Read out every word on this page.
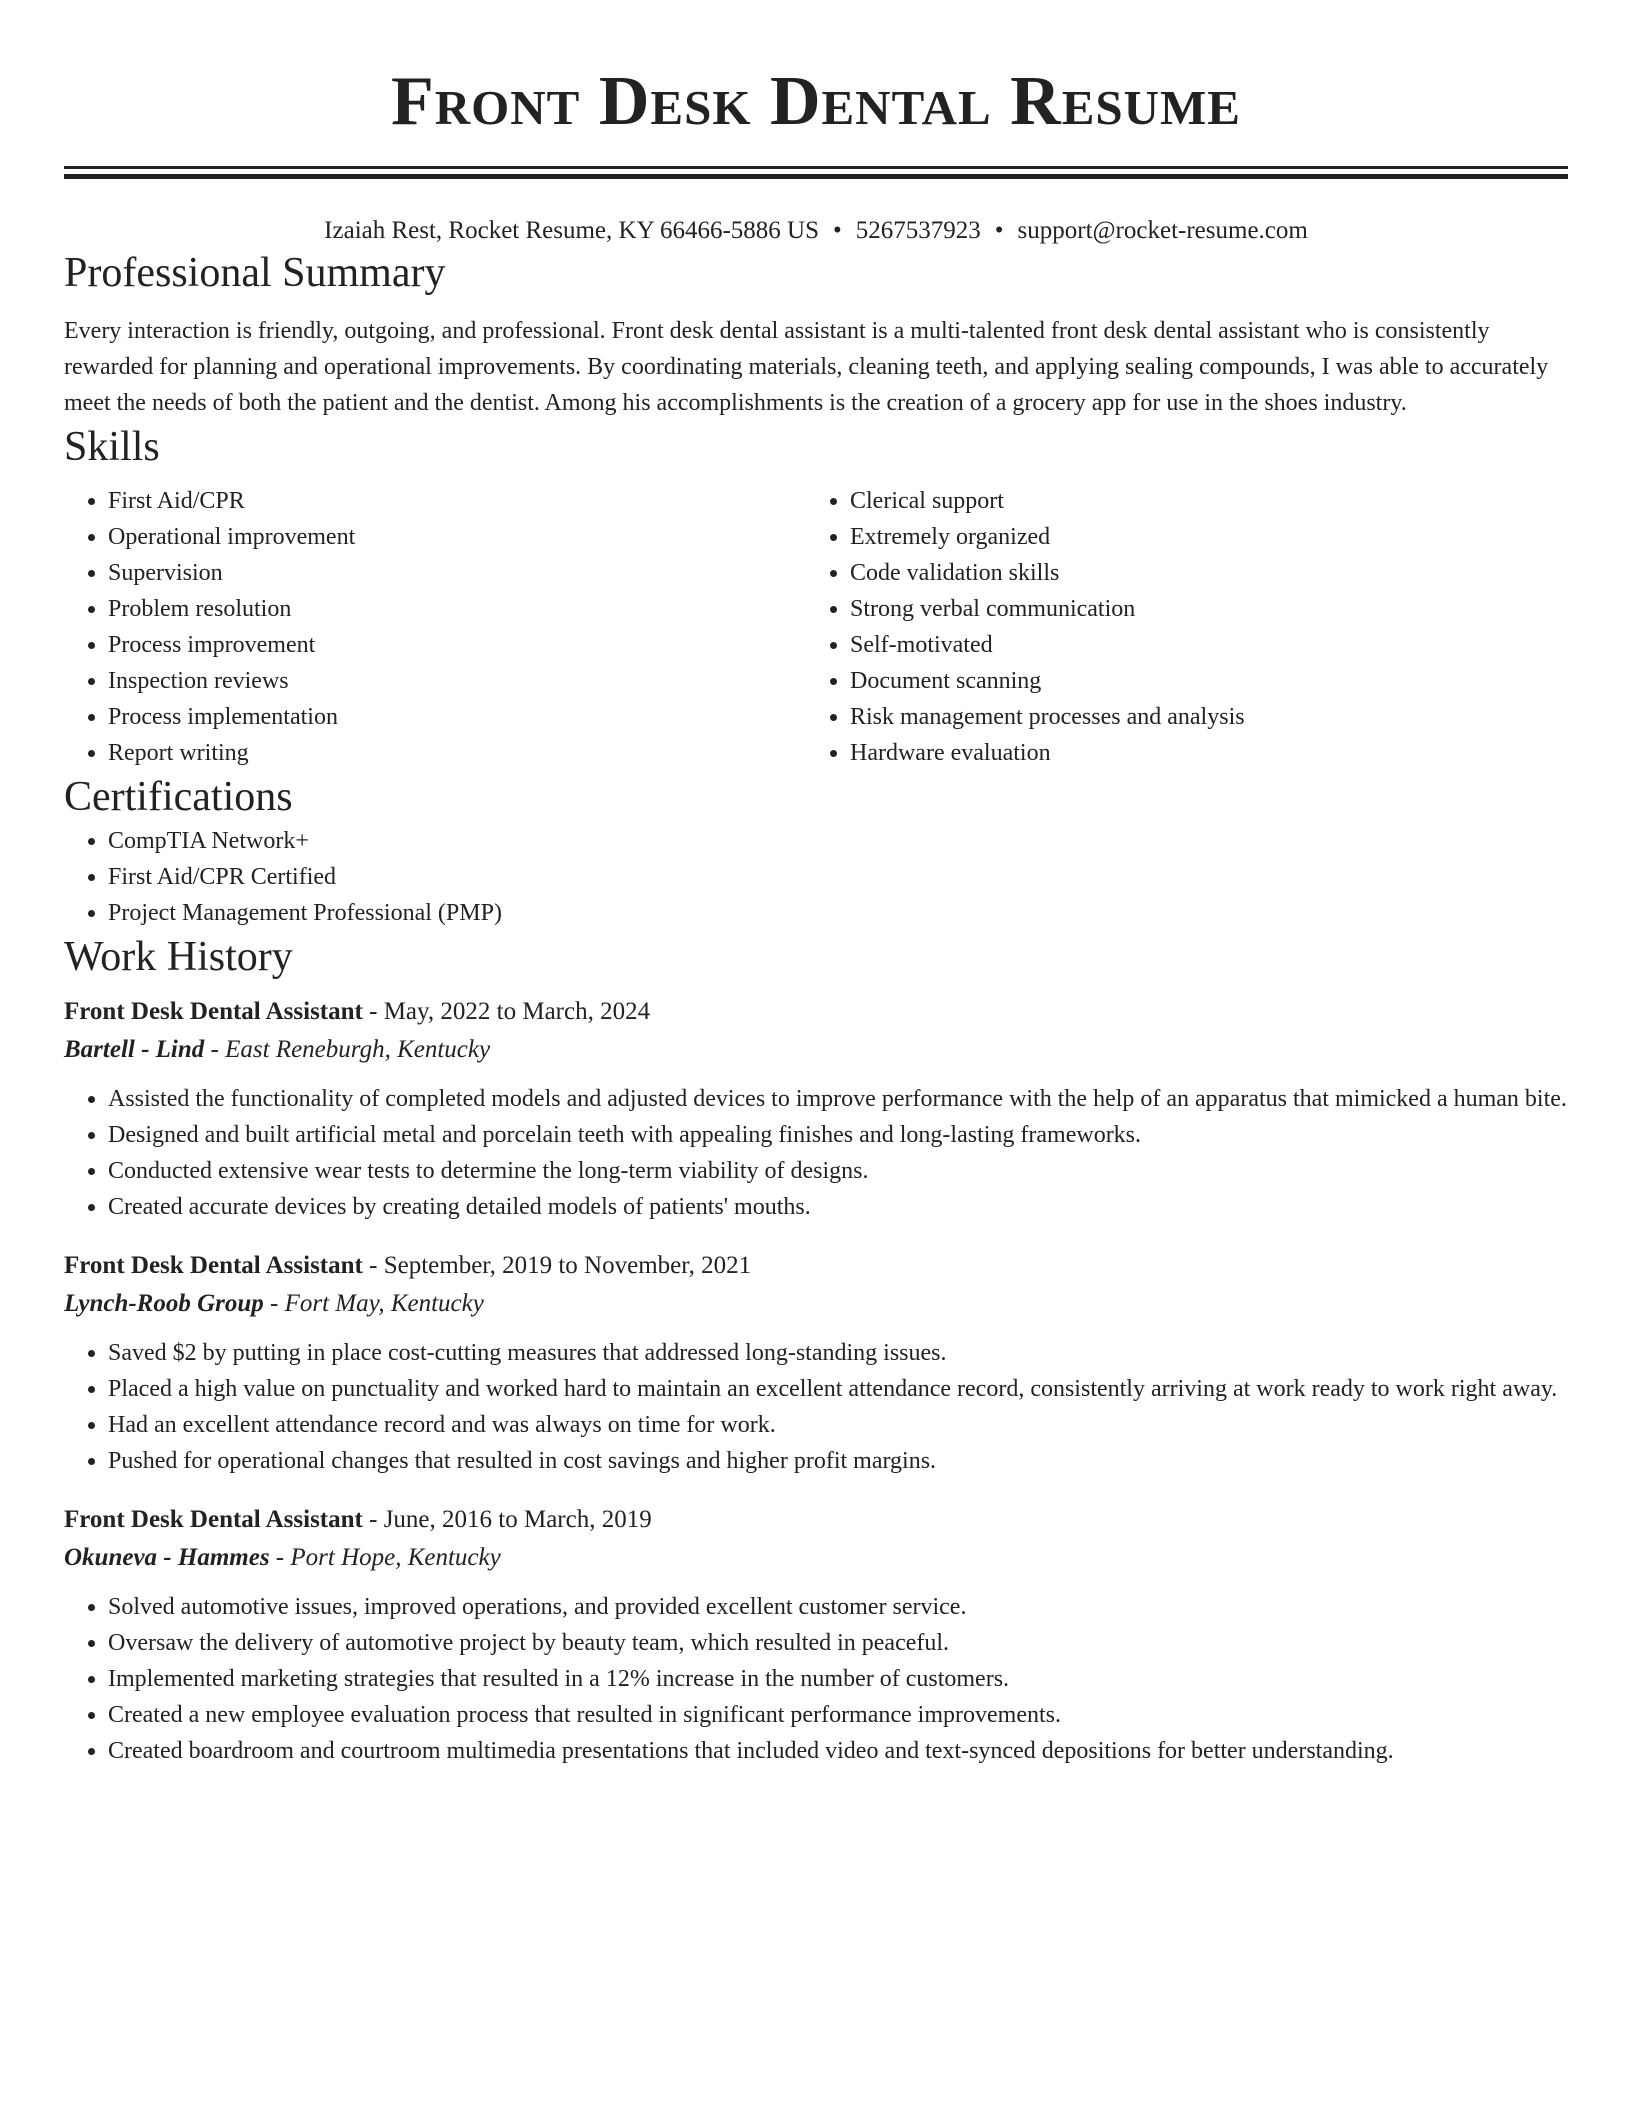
Front Desk Dental Resume
Izaiah Rest, Rocket Resume, KY 66466-5886 US • 5267537923 • support@rocket-resume.com
Professional Summary

Every interaction is friendly, outgoing, and professional. Front desk dental assistant is a multi-talented front desk dental assistant who is consistently rewarded for planning and operational improvements. By coordinating materials, cleaning teeth, and applying sealing compounds, I was able to accurately meet the needs of both the patient and the dentist. Among his accomplishments is the creation of a grocery app for use in the shoes industry.

Skills
• First Aid/CPR
• Operational improvement
• Supervision
• Problem resolution
• Process improvement
• Inspection reviews
• Process implementation
• Report writing
• Clerical support
• Extremely organized
• Code validation skills
• Strong verbal communication
• Self-motivated
• Document scanning
• Risk management processes and analysis
• Hardware evaluation
Certifications
• CompTIA Network+
• First Aid/CPR Certified
• Project Management Professional (PMP)
Work History
Front Desk Dental Assistant - May, 2022 to March, 2024
Bartell - Lind - East Reneburgh, Kentucky
• Assisted the functionality of completed models and adjusted devices to improve performance with the help of an apparatus that mimicked a human bite.
• Designed and built artificial metal and porcelain teeth with appealing finishes and long-lasting frameworks.
• Conducted extensive wear tests to determine the long-term viability of designs.
• Created accurate devices by creating detailed models of patients' mouths.
Front Desk Dental Assistant - September, 2019 to November, 2021
Lynch-Roob Group - Fort May, Kentucky
• Saved $2 by putting in place cost-cutting measures that addressed long-standing issues.
• Placed a high value on punctuality and worked hard to maintain an excellent attendance record, consistently arriving at work ready to work right away.
• Had an excellent attendance record and was always on time for work.
• Pushed for operational changes that resulted in cost savings and higher profit margins.
Front Desk Dental Assistant - June, 2016 to March, 2019
Okuneva - Hammes - Port Hope, Kentucky
• Solved automotive issues, improved operations, and provided excellent customer service.
• Oversaw the delivery of automotive project by beauty team, which resulted in peaceful.
• Implemented marketing strategies that resulted in a 12% increase in the number of customers.
• Created a new employee evaluation process that resulted in significant performance improvements.
• Created boardroom and courtroom multimedia presentations that included video and text-synced depositions for better understanding.
